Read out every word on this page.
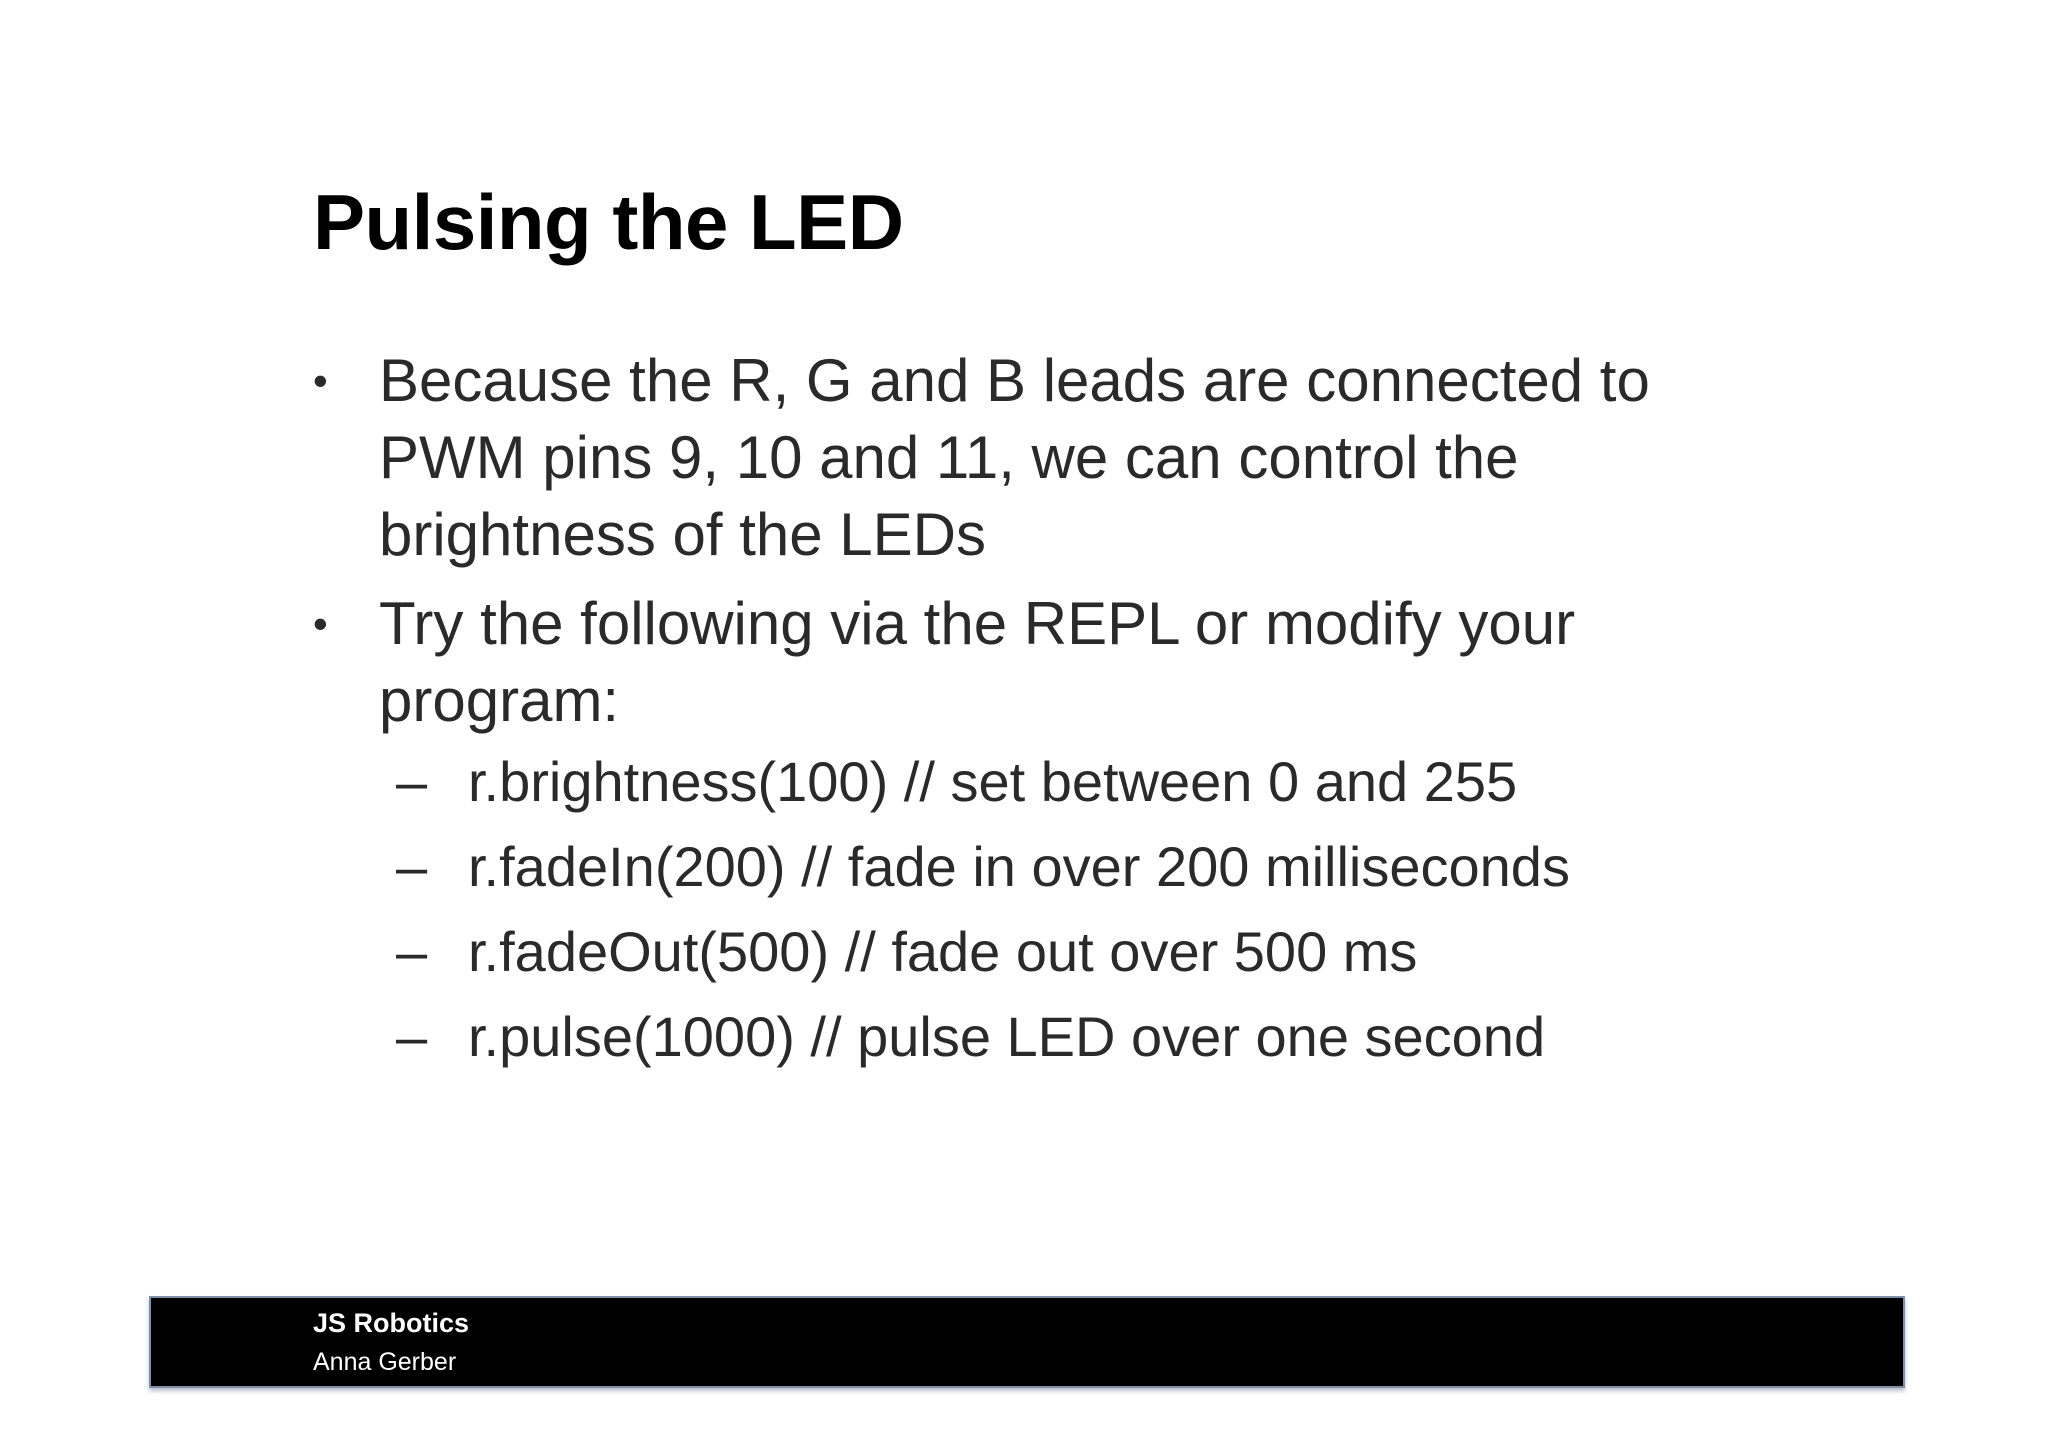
Pulsing the LED
• Because the R, G and B leads are connected to
PWM pins 9, 10 and 11, we can control the
brightness of the LEDs
• Try the following via the REPL or modify your
program:
– r.brightness(100) // set between 0 and 255
– r.fadeIn(200) // fade in over 200 milliseconds
– r.fadeOut(500) // fade out over 500 ms
– r.pulse(1000) // pulse LED over one second
JS Robotics
Anna Gerber
